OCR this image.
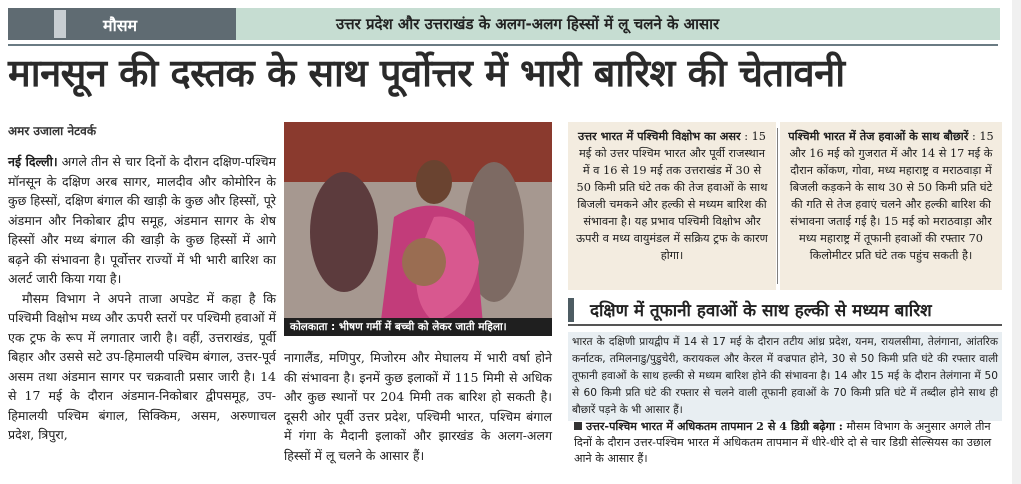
मौसम	उत्तर प्रदेश और उत्तराखंड के अलग-अलग हिस्सों में लू चलने के आसार
मानसून की दस्तक के साथ पूर्वोत्तर में भारी बारिश की चेतावनी
अमर उजाला नेटवर्क

नई दिल्ली। अगले तीन से चार दिनों के दौरान दक्षिण-पश्चिम मॉनसून के दक्षिण अरब सागर, मालदीव और कोमोरिन के कुछ हिस्सों, दक्षिण बंगाल की खाड़ी के कुछ और हिस्सों, पूरे अंडमान और निकोबार द्वीप समूह, अंडमान सागर के शेष हिस्सों और मध्य बंगाल की खाड़ी के कुछ हिस्सों में आगे बढ़ने की संभावना है। पूर्वोत्तर राज्यों में भी भारी बारिश का अलर्ट जारी किया गया है।

मौसम विभाग ने अपने ताजा अपडेट में कहा है कि पश्चिमी विक्षोभ मध्य और ऊपरी स्तरों पर पश्चिमी हवाओं में एक ट्रफ के रूप में लगातार जारी है। वहीं, उत्तराखंड, पूर्वी बिहार और उससे सटे उप-हिमालयी पश्चिम बंगाल, उत्तर-पूर्व असम तथा अंडमान सागर पर चक्रवाती प्रसार जारी है। 14 से 17 मई के दौरान अंडमान-निकोबार द्वीपसमूह, उप-हिमालयी पश्चिम बंगाल, सिक्किम, असम, अरुणाचल प्रदेश, त्रिपुरा,

कोलकाता : भीषण गर्मी में बच्ची को लेकर जाती महिला।
नागालैंड, मणिपुर, मिजोरम और मेघालय में भारी वर्षा होने की संभावना है। इनमें कुछ इलाकों में 115 मिमी से अधिक और कुछ स्थानों पर 204 मिमी तक बारिश हो सकती है। दूसरी ओर पूर्वी उत्तर प्रदेश, पश्चिमी भारत, पश्चिम बंगाल में गंगा के मैदानी इलाकों और झारखंड के अलग-अलग हिस्सों में लू चलने के आसार हैं।
उत्तर भारत में पश्चिमी विक्षोभ का असर : 15 मई को उत्तर पश्चिम भारत और पूर्वी राजस्थान में व 16 से 19 मई तक उत्तराखंड में 30 से 50 किमी प्रति घंटे तक की तेज हवाओं के साथ बिजली चमकने और हल्की से मध्यम बारिश की संभावना है। यह प्रभाव पश्चिमी विक्षोभ और ऊपरी व मध्य वायुमंडल में सक्रिय ट्रफ के कारण होगा।
पश्चिमी भारत में तेज हवाओं के साथ बौछारें : 15 और 16 मई को गुजरात में और 14 से 17 मई के दौरान कोंकण, गोवा, मध्य महाराष्ट्र व मराठवाड़ा में बिजली कड़कने के साथ 30 से 50 किमी प्रति घंटे की गति से तेज हवाएं चलने और हल्की बारिश की संभावना जताई गई है। 15 मई को मराठवाड़ा और मध्य महाराष्ट्र में तूफानी हवाओं की रफ्तार 70 किलोमीटर प्रति घंटे तक पहुंच सकती है।
दक्षिण में तूफानी हवाओं के साथ हल्की से मध्यम बारिश
भारत के दक्षिणी प्रायद्वीप में 14 से 17 मई के दौरान तटीय आंध्र प्रदेश, यनम, रायलसीमा, तेलंगाना, आंतरिक कर्नाटक, तमिलनाडु/पुडुचेरी, करायकल और केरल में वज्रपात होने, 30 से 50 किमी प्रति घंटे की रफ्तार वाली तूफानी हवाओं के साथ हल्की से मध्यम बारिश होने की संभावना है। 14 और 15 मई के दौरान तेलंगाना में 50 से 60 किमी प्रति घंटे की रफ्तार से चलने वाली तूफानी हवाओं के 70 किमी प्रति घंटे में तब्दील होने साथ ही बौछारें पड़ने के भी आसार हैं।
उत्तर-पश्चिम भारत में अधिकतम तापमान 2 से 4 डिग्री बढ़ेगा : मौसम विभाग के अनुसार अगले तीन दिनों के दौरान उत्तर-पश्चिम भारत में अधिकतम तापमान में धीरे-धीरे दो से चार डिग्री सेल्सियस का उछाल आने के आसार हैं।
